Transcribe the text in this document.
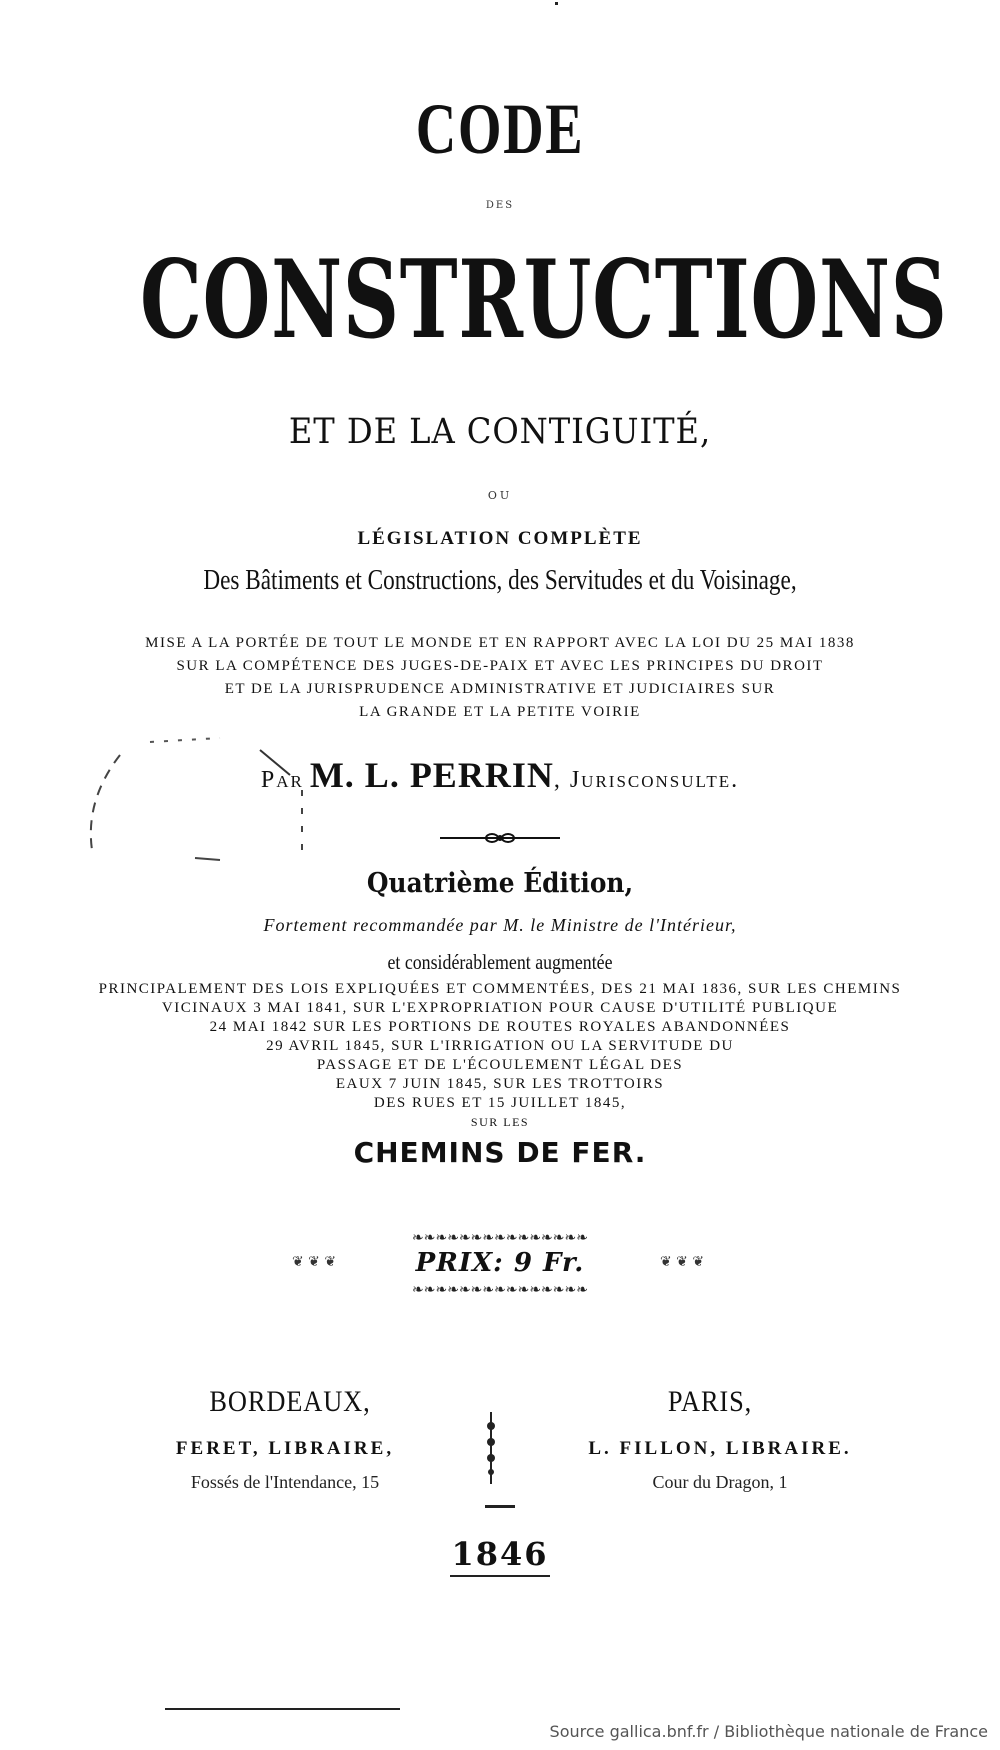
CODE
DES
CONSTRUCTIONS
ET DE LA CONTIGUITÉ,
OU
LÉGISLATION COMPLÈTE
Des Bâtiments et Constructions, des Servitudes et du Voisinage,
MISE A LA PORTÉE DE TOUT LE MONDE ET EN RAPPORT AVEC LA LOI DU 25 MAI 1838
SUR LA COMPÉTENCE DES JUGES-DE-PAIX ET AVEC LES PRINCIPES DU DROIT
ET DE LA JURISPRUDENCE ADMINISTRATIVE ET JUDICIAIRES SUR
LA GRANDE ET LA PETITE VOIRIE
Par M. L. PERRIN, Jurisconsulte.
Quatrième Édition,
Fortement recommandée par M. le Ministre de l'Intérieur,
et considérablement augmentée
PRINCIPALEMENT DES LOIS EXPLIQUÉES ET COMMENTÉES, DES 21 MAI 1836, SUR LES CHEMINS
VICINAUX 3 MAI 1841, SUR L'EXPROPRIATION POUR CAUSE D'UTILITÉ PUBLIQUE
24 MAI 1842 SUR LES PORTIONS DE ROUTES ROYALES ABANDONNÉES
29 AVRIL 1845, SUR L'IRRIGATION OU LA SERVITUDE DU
PASSAGE ET DE L'ÉCOULEMENT LÉGAL DES
EAUX 7 JUIN 1845, SUR LES TROTTOIRS
DES RUES ET 15 JUILLET 1845,
SUR LES
CHEMINS DE FER.
❧❧❧❧❧❧❧❧❧❧❧❧❧❧❧
PRIX: 9 Fr.
❧❧❧❧❧❧❧❧❧❧❧❧❧❧❧
❦ ❦ ❦	❦ ❦ ❦
BORDEAUX,
FERET, LIBRAIRE,
Fossés de l'Intendance, 15
PARIS,
L. FILLON, LIBRAIRE.
Cour du Dragon, 1
1846
Source gallica.bnf.fr / Bibliothèque nationale de France
